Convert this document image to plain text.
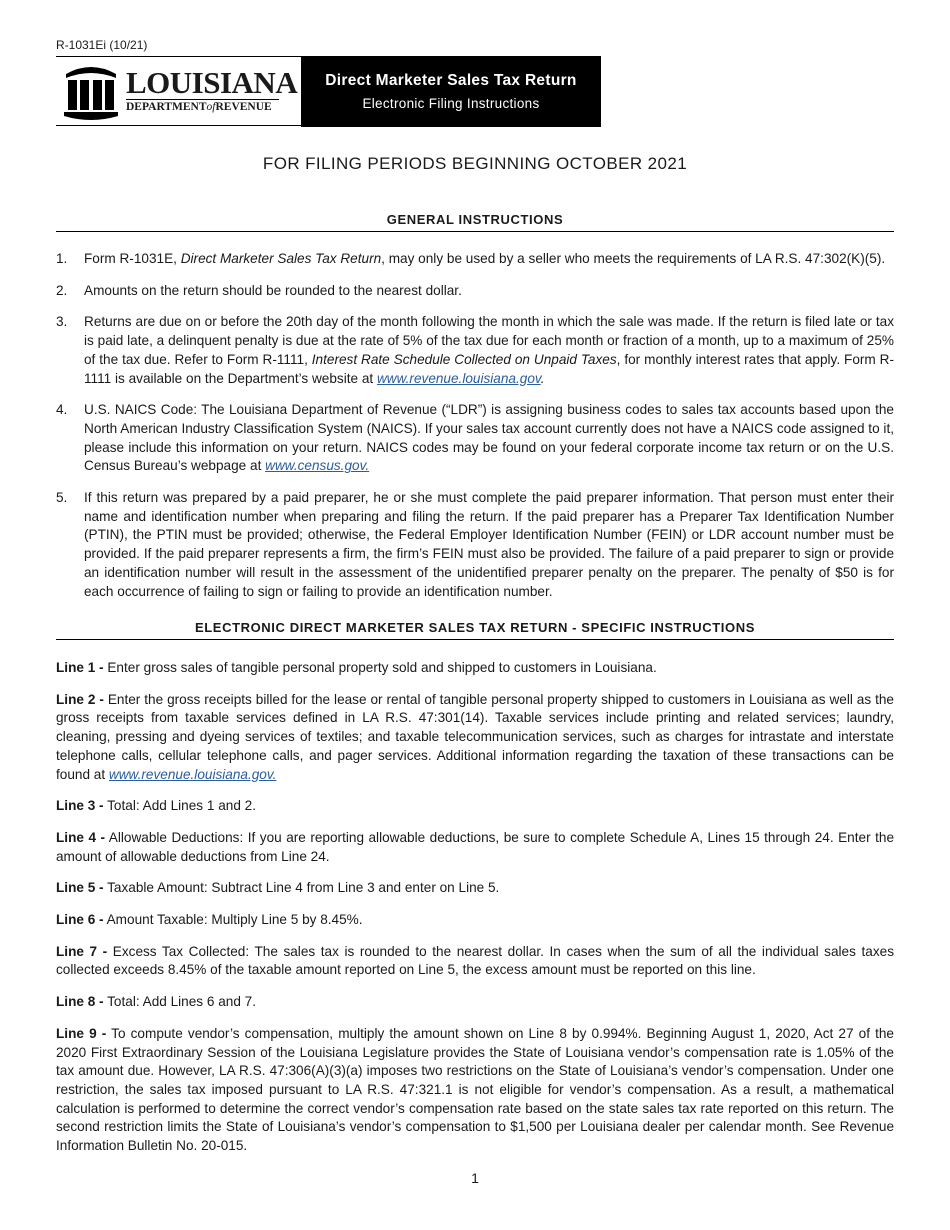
R-1031Ei (10/21)
LOUISIANA
DEPARTMENTofREVENUE
Direct Marketer Sales Tax Return
Electronic Filing Instructions
FOR FILING PERIODS BEGINNING OCTOBER 2021
GENERAL INSTRUCTIONS
1. Form R-1031E, Direct Marketer Sales Tax Return, may only be used by a seller who meets the requirements of LA R.S. 47:302(K)(5).
2. Amounts on the return should be rounded to the nearest dollar.
3. Returns are due on or before the 20th day of the month following the month in which the sale was made. If the return is filed late or tax is paid late, a delinquent penalty is due at the rate of 5% of the tax due for each month or fraction of a month, up to a maximum of 25% of the tax due. Refer to Form R-1111, Interest Rate Schedule Collected on Unpaid Taxes, for monthly interest rates that apply. Form R-1111 is available on the Department’s website at www.revenue.louisiana.gov.
4. U.S. NAICS Code: The Louisiana Department of Revenue (“LDR”) is assigning business codes to sales tax accounts based upon the North American Industry Classification System (NAICS). If your sales tax account currently does not have a NAICS code assigned to it, please include this information on your return. NAICS codes may be found on your federal corporate income tax return or on the U.S. Census Bureau’s webpage at www.census.gov.
5. If this return was prepared by a paid preparer, he or she must complete the paid preparer information. That person must enter their name and identification number when preparing and filing the return. If the paid preparer has a Preparer Tax Identification Number (PTIN), the PTIN must be provided; otherwise, the Federal Employer Identification Number (FEIN) or LDR account number must be provided. If the paid preparer represents a firm, the firm’s FEIN must also be provided. The failure of a paid preparer to sign or provide an identification number will result in the assessment of the unidentified preparer penalty on the preparer. The penalty of $50 is for each occurrence of failing to sign or failing to provide an identification number.
ELECTRONIC DIRECT MARKETER SALES TAX RETURN - SPECIFIC INSTRUCTIONS

Line 1 - Enter gross sales of tangible personal property sold and shipped to customers in Louisiana.

Line 2 - Enter the gross receipts billed for the lease or rental of tangible personal property shipped to customers in Louisiana as well as the gross receipts from taxable services defined in LA R.S. 47:301(14). Taxable services include printing and related services; laundry, cleaning, pressing and dyeing services of textiles; and taxable telecommunication services, such as charges for intrastate and interstate telephone calls, cellular telephone calls, and pager services. Additional information regarding the taxation of these transactions can be found at www.revenue.louisiana.gov.

Line 3 - Total: Add Lines 1 and 2.

Line 4 - Allowable Deductions: If you are reporting allowable deductions, be sure to complete Schedule A, Lines 15 through 24. Enter the amount of allowable deductions from Line 24.

Line 5 - Taxable Amount: Subtract Line 4 from Line 3 and enter on Line 5.

Line 6 - Amount Taxable: Multiply Line 5 by 8.45%.

Line 7 - Excess Tax Collected: The sales tax is rounded to the nearest dollar. In cases when the sum of all the individual sales taxes collected exceeds 8.45% of the taxable amount reported on Line 5, the excess amount must be reported on this line.

Line 8 - Total: Add Lines 6 and 7.

Line 9 - To compute vendor’s compensation, multiply the amount shown on Line 8 by 0.994%. Beginning August 1, 2020, Act 27 of the 2020 First Extraordinary Session of the Louisiana Legislature provides the State of Louisiana vendor’s compensation rate is 1.05% of the tax amount due. However, LA R.S. 47:306(A)(3)(a) imposes two restrictions on the State of Louisiana’s vendor’s compensation. Under one restriction, the sales tax imposed pursuant to LA R.S. 47:321.1 is not eligible for vendor’s compensation. As a result, a mathematical calculation is performed to determine the correct vendor’s compensation rate based on the state sales tax rate reported on this return. The second restriction limits the State of Louisiana’s vendor’s compensation to $1,500 per Louisiana dealer per calendar month. See Revenue Information Bulletin No. 20-015.

1
